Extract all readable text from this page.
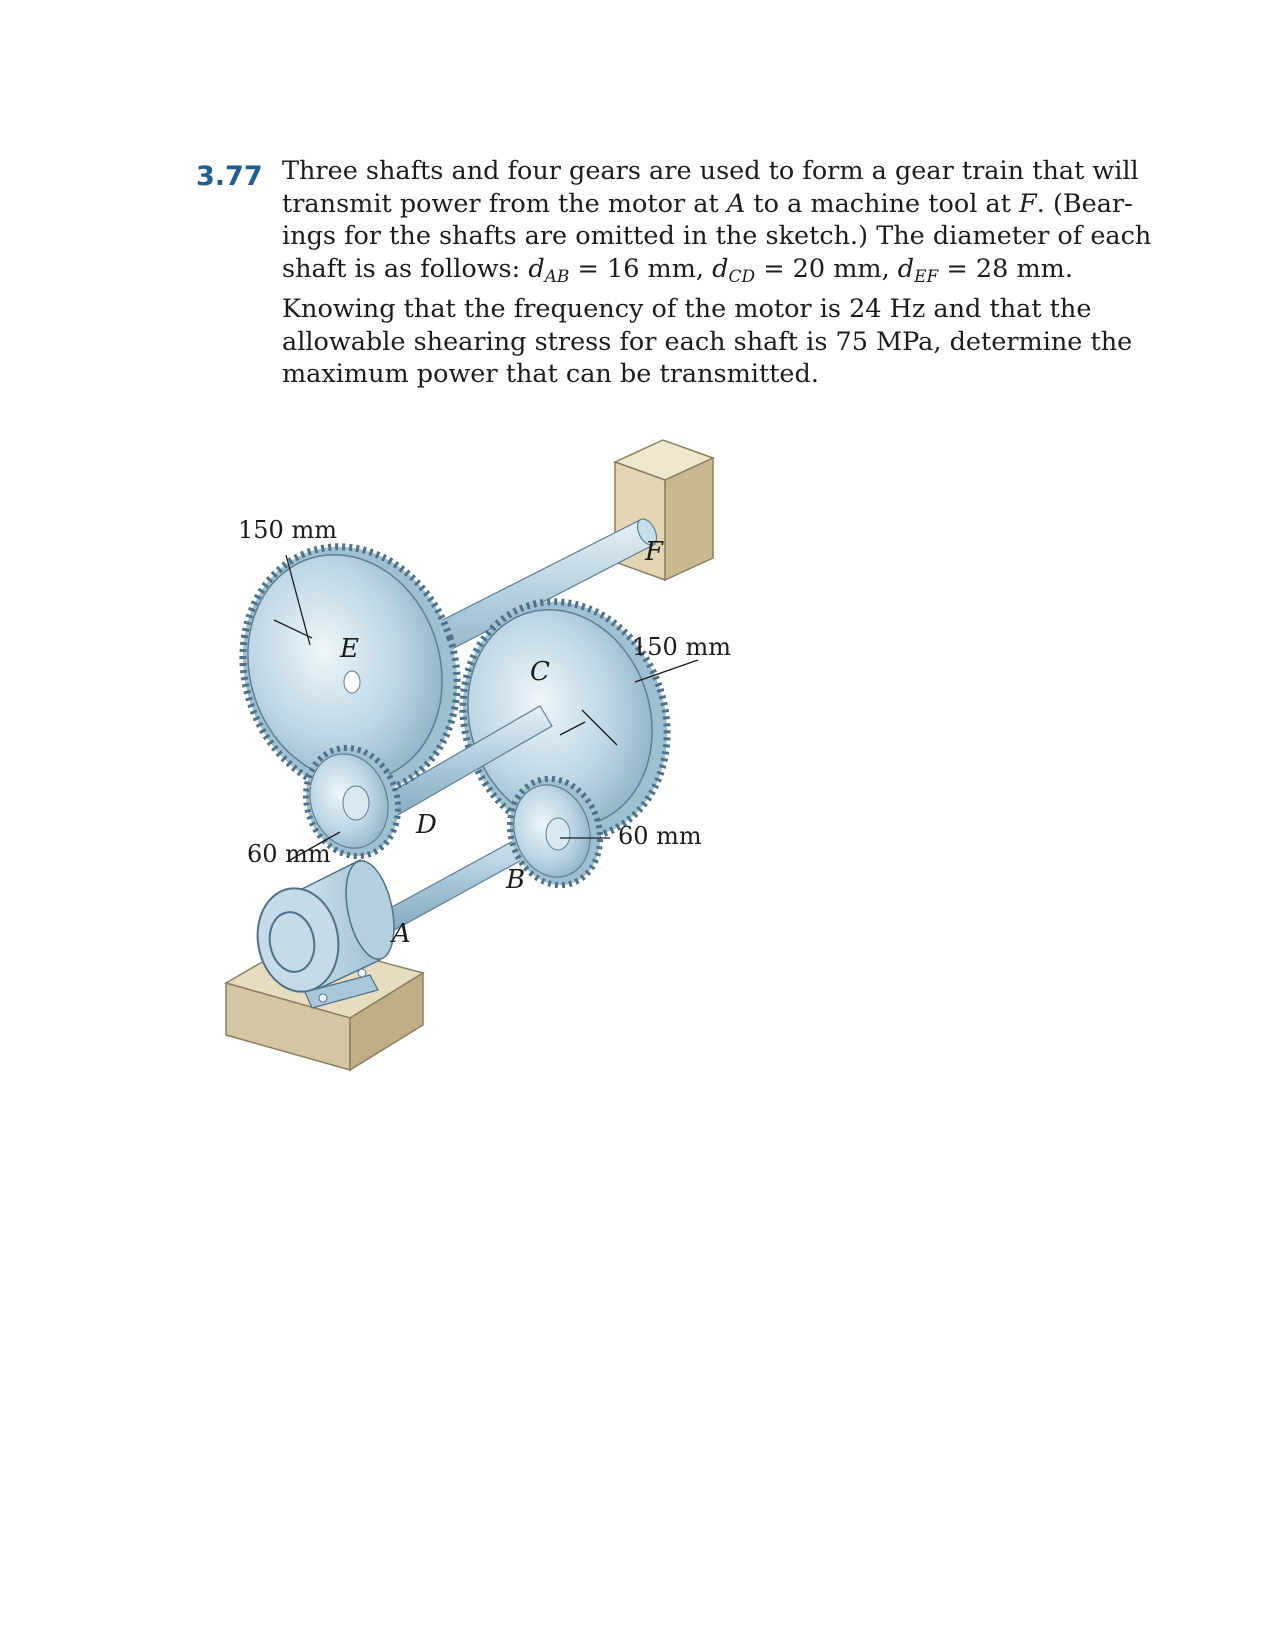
3.77 Three shafts and four gears are used to form a gear train that will
transmit power from the motor at A to a machine tool at F. (Bear-
ings for the shafts are omitted in the sketch.) The diameter of each
shaft is as follows: $d_{AB} = 16$ mm, $d_{CD} = 20$ mm, $d_{EF} = 28$ mm.
Knowing that the frequency of the motor is 24 Hz and that the
allowable shearing stress for each shaft is 75 MPa, determine the
maximum power that can be transmitted.
150 mm
150 mm
60 mm
60 mm
E
C
F
D
B
A
